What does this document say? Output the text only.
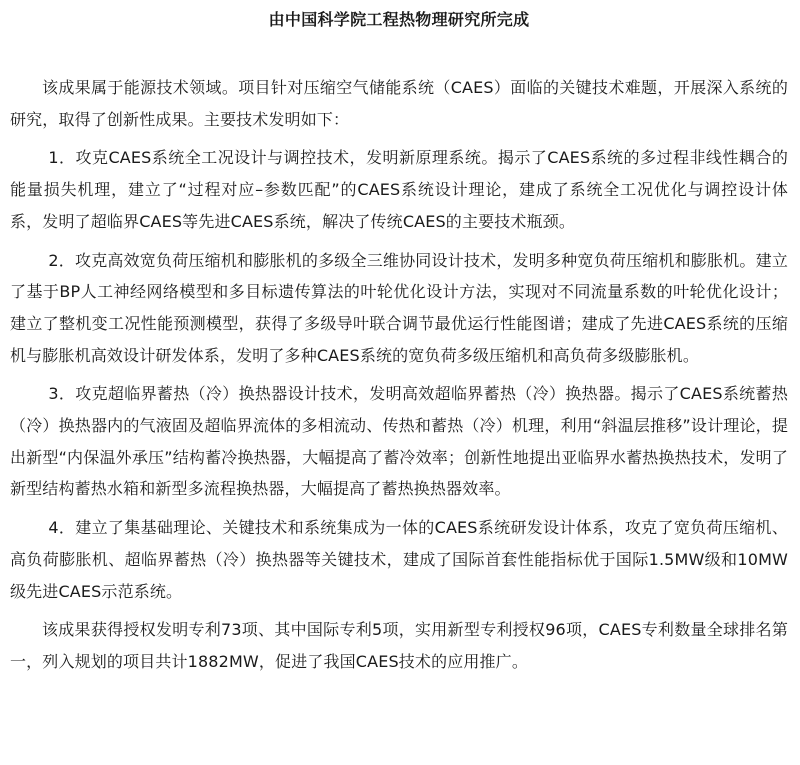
由中国科学院工程热物理研究所完成

该成果属于能源技术领域。项目针对压缩空气储能系统（CAES）面临的关键技术难题，开展深入系统的研究，取得了创新性成果。主要技术发明如下：

1．攻克CAES系统全工况设计与调控技术，发明新原理系统。揭示了CAES系统的多过程非线性耦合的能量损失机理，建立了“过程对应–参数匹配”的CAES系统设计理论，建成了系统全工况优化与调控设计体系，发明了超临界CAES等先进CAES系统，解决了传统CAES的主要技术瓶颈。

2．攻克高效宽负荷压缩机和膨胀机的多级全三维协同设计技术，发明多种宽负荷压缩机和膨胀机。建立了基于BP人工神经网络模型和多目标遗传算法的叶轮优化设计方法，实现对不同流量系数的叶轮优化设计；建立了整机变工况性能预测模型，获得了多级导叶联合调节最优运行性能图谱；建成了先进CAES系统的压缩机与膨胀机高效设计研发体系，发明了多种CAES系统的宽负荷多级压缩机和高负荷多级膨胀机。

3．攻克超临界蓄热（冷）换热器设计技术，发明高效超临界蓄热（冷）换热器。揭示了CAES系统蓄热（冷）换热器内的气液固及超临界流体的多相流动、传热和蓄热（冷）机理，利用“斜温层推移”设计理论，提出新型“内保温外承压”结构蓄冷换热器，大幅提高了蓄冷效率；创新性地提出亚临界水蓄热换热技术，发明了新型结构蓄热水箱和新型多流程换热器，大幅提高了蓄热换热器效率。

4．建立了集基础理论、关键技术和系统集成为一体的CAES系统研发设计体系，攻克了宽负荷压缩机、高负荷膨胀机、超临界蓄热（冷）换热器等关键技术，建成了国际首套性能指标优于国际1.5MW级和10MW级先进CAES示范系统。

该成果获得授权发明专利73项、其中国际专利5项，实用新型专利授权96项，CAES专利数量全球排名第一，列入规划的项目共计1882MW，促进了我国CAES技术的应用推广。
